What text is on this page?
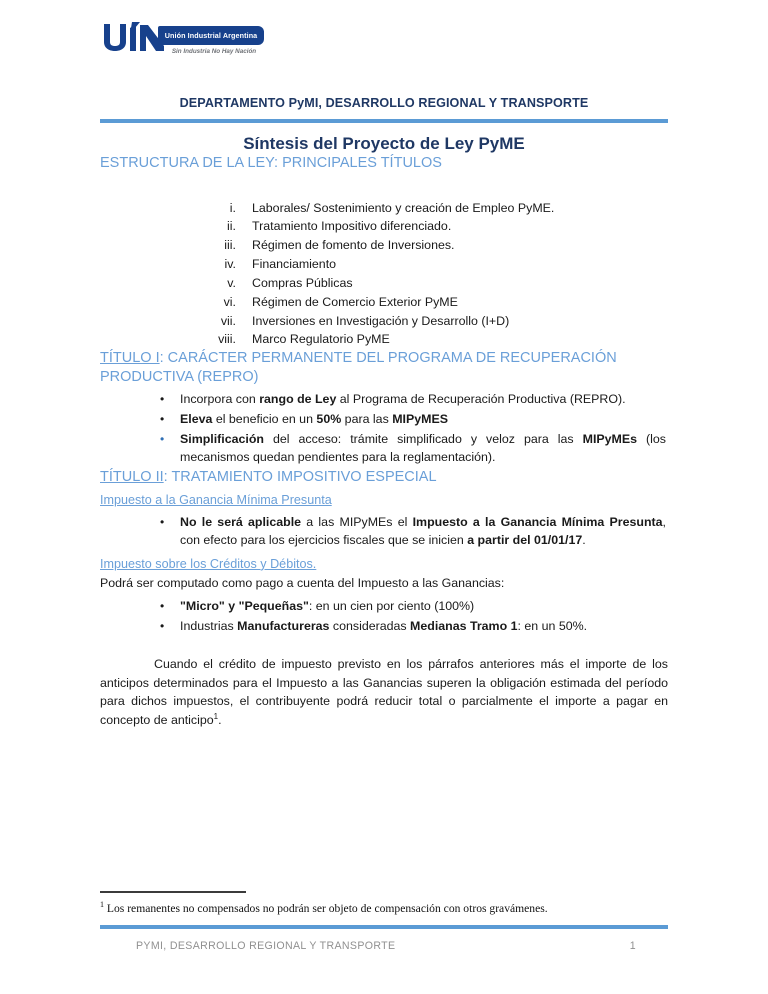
Unión Industrial Argentina
Sin Industria No Hay Nación
DEPARTAMENTO PyMI, DESARROLLO REGIONAL Y TRANSPORTE
Síntesis del Proyecto de Ley PyME
ESTRUCTURA DE LA LEY: PRINCIPALES TÍTULOS
i. Laborales/ Sostenimiento y creación de Empleo PyME.
ii. Tratamiento Impositivo diferenciado.
iii. Régimen de fomento de Inversiones.
iv. Financiamiento
v. Compras Públicas
vi. Régimen de Comercio Exterior PyME
vii. Inversiones en Investigación y Desarrollo (I+D)
viii. Marco Regulatorio PyME
TÍTULO I: CARÁCTER PERMANENTE DEL PROGRAMA DE RECUPERACIÓN PRODUCTIVA (REPRO)
• Incorpora con rango de Ley al Programa de Recuperación Productiva (REPRO).
• Eleva el beneficio en un 50% para las MIPyMES
• Simplificación del acceso: trámite simplificado y veloz para las MIPyMEs (los mecanismos quedan pendientes para la reglamentación).
TÍTULO II: TRATAMIENTO IMPOSITIVO ESPECIAL
Impuesto a la Ganancia Mínima Presunta
• No le será aplicable a las MIPyMEs el Impuesto a la Ganancia Mínima Presunta, con efecto para los ejercicios fiscales que se inicien a partir del 01/01/17.
Impuesto sobre los Créditos y Débitos.

Podrá ser computado como pago a cuenta del Impuesto a las Ganancias:

• "Micro" y "Pequeñas": en un cien por ciento (100%)
• Industrias Manufactureras consideradas Medianas Tramo 1: en un 50%.

Cuando el crédito de impuesto previsto en los párrafos anteriores más el importe de los anticipos determinados para el Impuesto a las Ganancias superen la obligación estimada del período para dichos impuestos, el contribuyente podrá reducir total o parcialmente el importe a pagar en concepto de anticipo$^1$.

$^1$ Los remanentes no compensados no podrán ser objeto de compensación con otros gravámenes.
PYMI, DESARROLLO REGIONAL Y TRANSPORTE	1
